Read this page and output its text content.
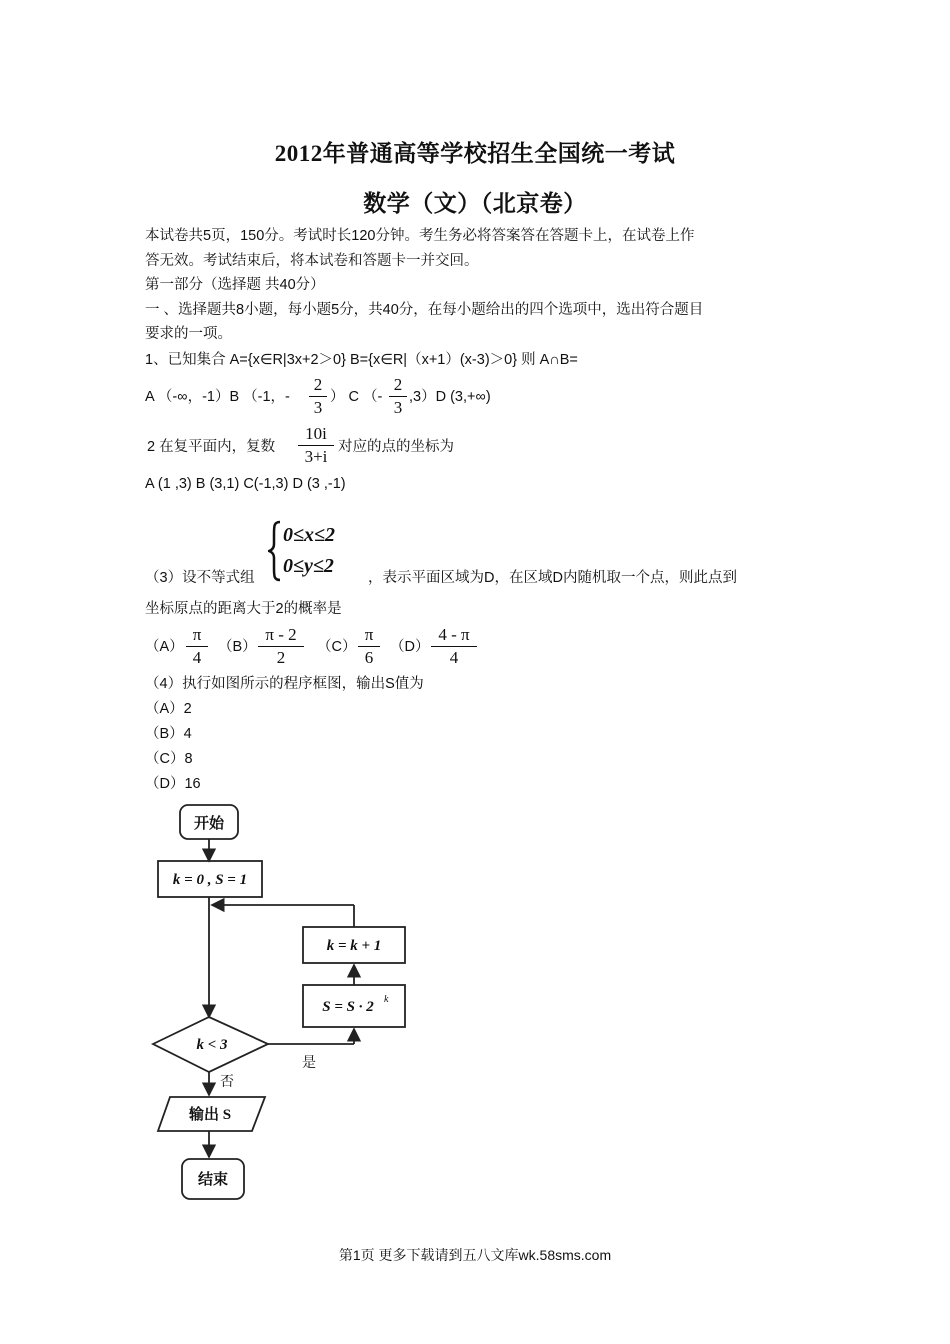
2012年普通高等学校招生全国统一考试
数学（文）（北京卷）
本试卷共5页，150分。考试时长120分钟。考生务必将答案答在答题卡上，在试卷上作
答无效。考试结束后，将本试卷和答题卡一并交回。
第一部分（选择题 共40分）
一 、选择题共8小题，每小题5分，共40分，在每小题给出的四个选项中，选出符合题目
要求的一项。
1、已知集合 A={x∈R|3x+2＞0} B={x∈R|（x+1）(x-3)＞0} 则 A∩B=
A （-∞，-1）B （-1，-
2
3
） C （-
2
3
,3）D (3,+∞)
2 在复平面内，复数
10i
3+i 对应的点的坐标为
A (1 ,3) B (3,1) C(-1,3) D (3 ,-1)
0≤x≤2
0≤y≤2
（3）设不等式组	，表示平面区域为D，在区域D内随机取一个点，则此点到
坐标原点的距离大于2的概率是
（A）
π
4
（B）
π - 2
2
（C）
π
6
（D）
4 - π
4
（4）执行如图所示的程序框图，输出S值为
（A）2
（B）4
（C）8
（D）16
开始
k = 0 , S = 1
k = k + 1
S = S · 2 k
k < 3
是
否
输出 S
结束
第1页 更多下载请到五八文库wk.58sms.com
